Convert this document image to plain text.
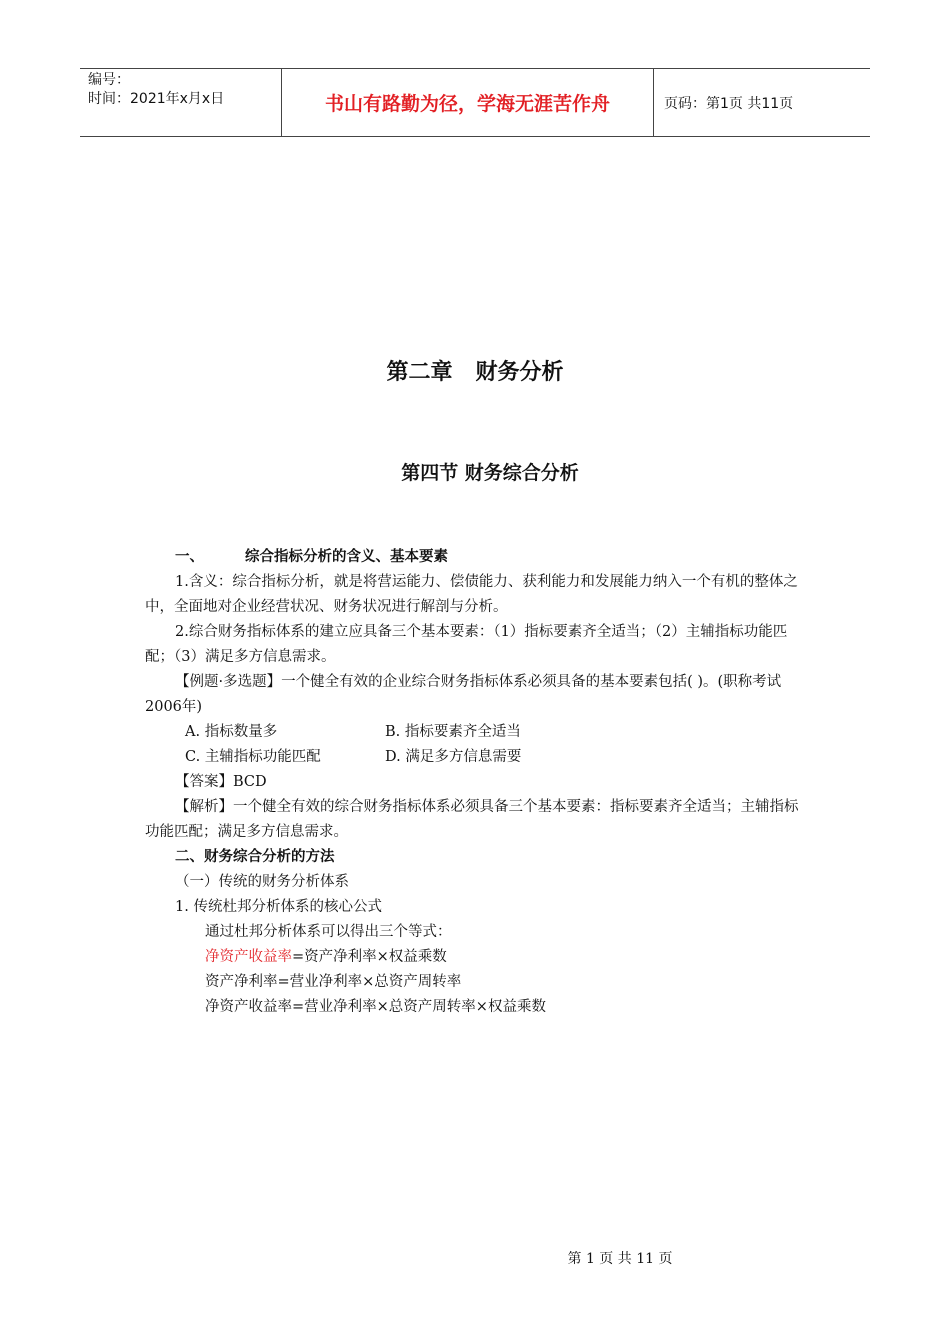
编号：
时间：2021年x月x日	书山有路勤为径，学海无涯苦作舟	页码：第1页 共11页
第二章   财务分析
第四节 财务综合分析
一、	综合指标分析的含义、基本要素

1.含义：综合指标分析，就是将营运能力、偿债能力、获利能力和发展能力纳入一个有机的整体之中，全面地对企业经营状况、财务状况进行解剖与分析。

2.综合财务指标体系的建立应具备三个基本要素：（1）指标要素齐全适当；（2）主辅指标功能匹配；（3）满足多方信息需求。

【例题·多选题】一个健全有效的企业综合财务指标体系必须具备的基本要素包括( )。(职称考试2006年)

A. 指标数量多	B. 指标要素齐全适当
C. 主辅指标功能匹配	D. 满足多方信息需要

【答案】BCD

【解析】一个健全有效的综合财务指标体系必须具备三个基本要素：指标要素齐全适当；主辅指标功能匹配；满足多方信息需求。

二、财务综合分析的方法

（一）传统的财务分析体系

1. 传统杜邦分析体系的核心公式

通过杜邦分析体系可以得出三个等式：

净资产收益率=资产净利率×权益乘数

资产净利率=营业净利率×总资产周转率

净资产收益率=营业净利率×总资产周转率×权益乘数

第 1 页 共 11 页
